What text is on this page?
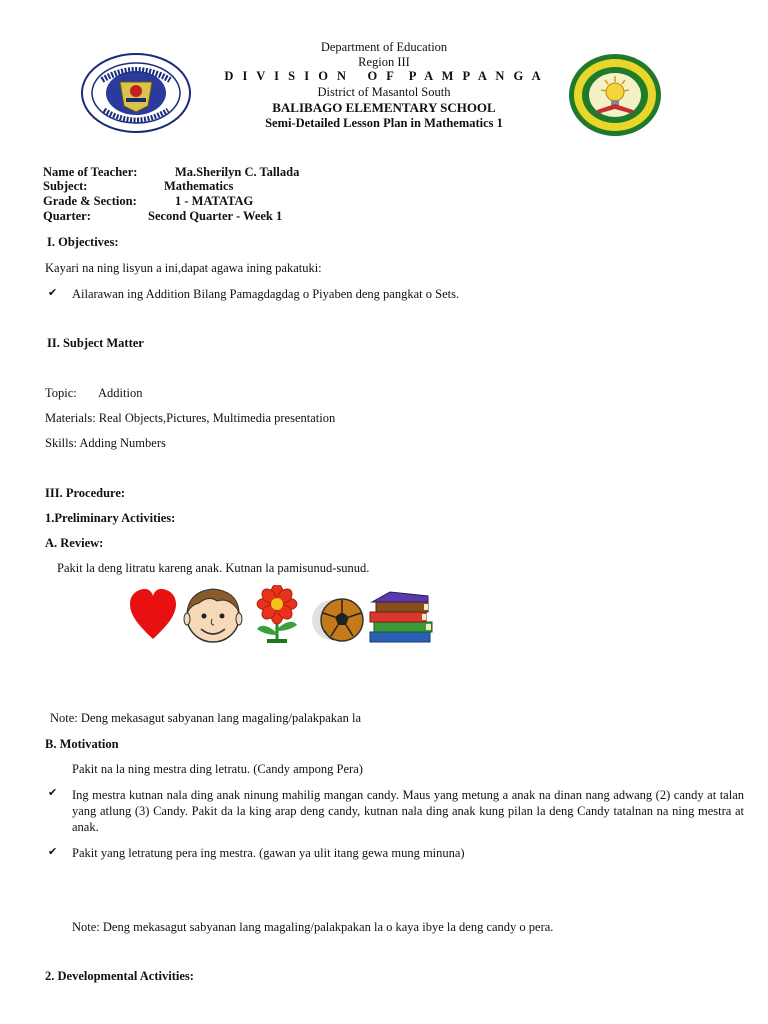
Department of Education
Region III
D I V I S I O N   O F  P A M P A N G A
District of Masantol South
BALIBAGO ELEMENTARY SCHOOL
Semi-Detailed Lesson Plan in Mathematics 1
Name of Teacher:	Ma.Sherilyn C. Tallada
Subject:	Mathematics
Grade & Section:	1 - MATATAG
Quarter:	Second Quarter - Week 1
I. Objectives:
Kayari na ning lisyun a ini,dapat agawa ining pakatuki:
✔ Ailarawan ing Addition Bilang Pamagdagdag o Piyaben deng pangkat o Sets.
II. Subject Matter
Topic: Addition
Materials: Real Objects,Pictures, Multimedia presentation
Skills: Adding Numbers
III. Procedure:
1.Preliminary Activities:
A. Review:
Pakit la deng litratu kareng anak. Kutnan la pamisunud-sunud.
Note: Deng mekasagut sabyanan lang magaling/palakpakan la
B. Motivation
Pakit na la ning mestra ding letratu. (Candy ampong Pera)
✔ Ing mestra kutnan nala ding anak ninung mahilig mangan candy. Maus yang metung a anak na dinan nang adwang (2) candy at talan yang atlung (3) Candy. Pakit da la king arap deng candy, kutnan nala ding anak kung pilan la deng Candy tatalnan na ning mestra at anak.
✔ Pakit yang letratung pera ing mestra. (gawan ya ulit itang gewa mung minuna)
Note: Deng mekasagut sabyanan lang magaling/palakpakan la o kaya ibye la deng candy o pera.
2. Developmental Activities:
